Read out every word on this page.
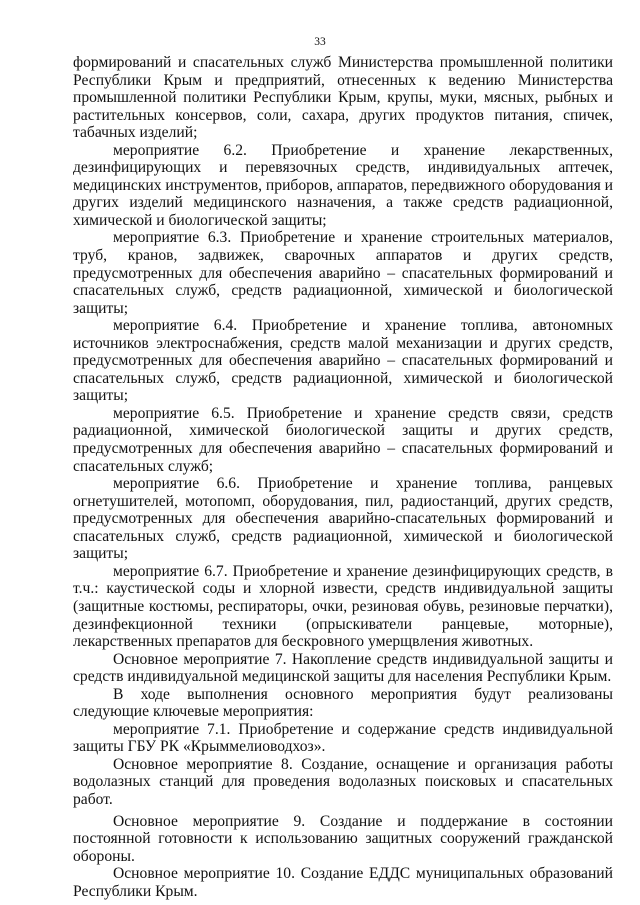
33

формирований и спасательных служб Министерства промышленной политики Республики Крым и предприятий, отнесенных к ведению Министерства промышленной политики Республики Крым, крупы, муки, мясных, рыбных и растительных консервов, соли, сахара, других продуктов питания, спичек, табачных изделий;

мероприятие 6.2. Приобретение и хранение лекарственных, дезинфицирующих и перевязочных средств, индивидуальных аптечек, медицинских инструментов, приборов, аппаратов, передвижного оборудования и других изделий медицинского назначения, а также средств радиационной, химической и биологической защиты;

мероприятие 6.3. Приобретение и хранение строительных материалов, труб, кранов, задвижек, сварочных аппаратов и других средств, предусмотренных для обеспечения аварийно – спасательных формирований и спасательных служб, средств радиационной, химической и биологической защиты;

мероприятие 6.4. Приобретение и хранение топлива, автономных источников электроснабжения, средств малой механизации и других средств, предусмотренных для обеспечения аварийно – спасательных формирований и спасательных служб, средств радиационной, химической и биологической защиты;

мероприятие 6.5. Приобретение и хранение средств связи, средств радиационной, химической биологической защиты и других средств, предусмотренных для обеспечения аварийно – спасательных формирований и спасательных служб;

мероприятие 6.6. Приобретение и хранение топлива, ранцевых огнетушителей, мотопомп, оборудования, пил, радиостанций, других средств, предусмотренных для обеспечения аварийно-спасательных формирований и спасательных служб, средств радиационной, химической и биологической защиты;

мероприятие 6.7. Приобретение и хранение дезинфицирующих средств, в т.ч.: каустической соды и хлорной извести, средств индивидуальной защиты (защитные костюмы, респираторы, очки, резиновая обувь, резиновые перчатки), дезинфекционной техники (опрыскиватели ранцевые, моторные), лекарственных препаратов для бескровного умерщвления животных.

Основное мероприятие 7. Накопление средств индивидуальной защиты и средств индивидуальной медицинской защиты для населения Республики Крым.

В ходе выполнения основного мероприятия будут реализованы следующие ключевые мероприятия:

мероприятие 7.1. Приобретение и содержание средств индивидуальной защиты ГБУ РК «Крыммелиоводхоз».

Основное мероприятие 8. Создание, оснащение и организация работы водолазных станций для проведения водолазных поисковых и спасательных работ.

Основное мероприятие 9. Создание и поддержание в состоянии постоянной готовности к использованию защитных сооружений гражданской обороны.

Основное мероприятие 10. Создание ЕДДС муниципальных образований Республики Крым.
